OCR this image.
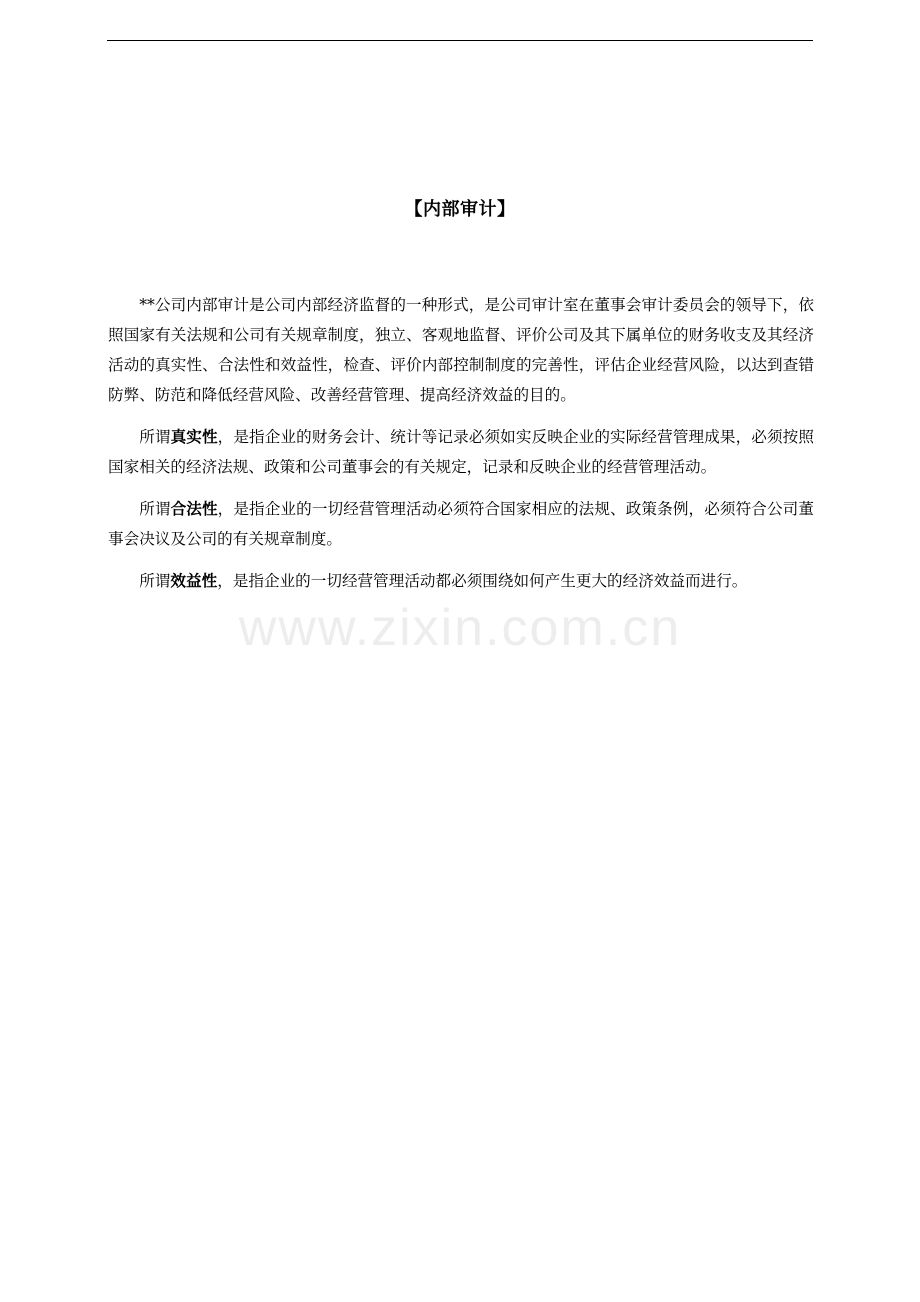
【内部审计】

**公司内部审计是公司内部经济监督的一种形式，是公司审计室在董事会审计委员会的领导下，依照国家有关法规和公司有关规章制度，独立、客观地监督、评价公司及其下属单位的财务收支及其经济活动的真实性、合法性和效益性，检查、评价内部控制制度的完善性，评估企业经营风险，以达到查错防弊、防范和降低经营风险、改善经营管理、提高经济效益的目的。

所谓真实性，是指企业的财务会计、统计等记录必须如实反映企业的实际经营管理成果，必须按照国家相关的经济法规、政策和公司董事会的有关规定，记录和反映企业的经营管理活动。

所谓合法性，是指企业的一切经营管理活动必须符合国家相应的法规、政策条例，必须符合公司董事会决议及公司的有关规章制度。

所谓效益性，是指企业的一切经营管理活动都必须围绕如何产生更大的经济效益而进行。

www.zixin.com.cn
